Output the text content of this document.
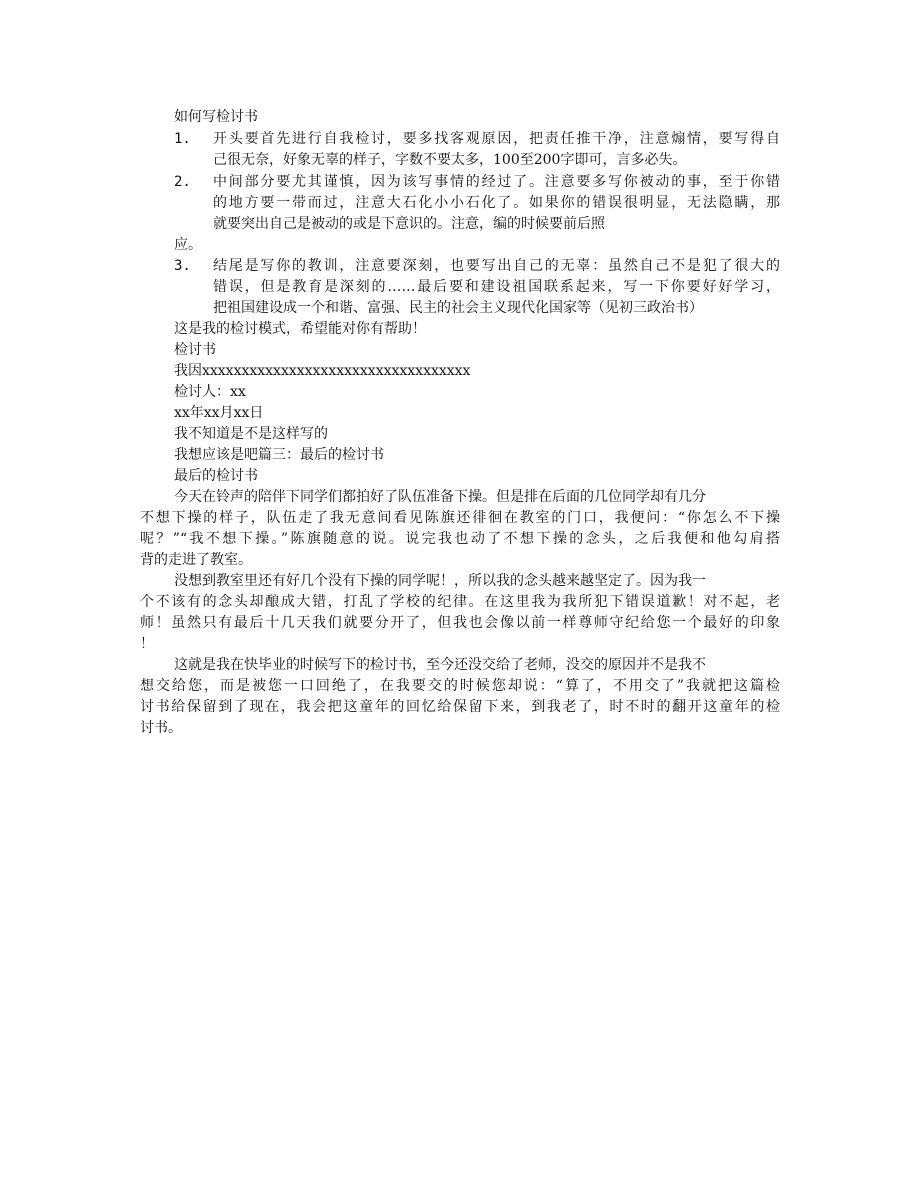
如何写检讨书
1. 开头要首先进行自我检讨，要多找客观原因，把责任推干净，注意煽情，要写得自
己很无奈，好象无辜的样子，字数不要太多，100至200字即可，言多必失。
2. 中间部分要尤其谨慎，因为该写事情的经过了。注意要多写你被动的事，至于你错
的地方要一带而过，注意大石化小小石化了。如果你的错误很明显，无法隐瞒，那
就要突出自己是被动的或是下意识的。注意，编的时候要前后照
应。
3. 结尾是写你的教训，注意要深刻，也要写出自己的无辜：虽然自己不是犯了很大的
错误，但是教育是深刻的……最后要和建设祖国联系起来，写一下你要好好学习，
把祖国建设成一个和谐、富强、民主的社会主义现代化国家等（见初三政治书）
这是我的检讨模式，希望能对你有帮助！
检讨书
我因xxxxxxxxxxxxxxxxxxxxxxxxxxxxxxxxxx
检讨人：xx
xx年xx月xx日
我不知道是不是这样写的
我想应该是吧篇三：最后的检讨书
最后的检讨书
今天在铃声的陪伴下同学们都拍好了队伍准备下操。但是排在后面的几位同学却有几分
不想下操的样子，队伍走了我无意间看见陈旗还徘徊在教室的门口，我便问：“你怎么不下操
呢？”“我不想下操。”陈旗随意的说。说完我也动了不想下操的念头，之后我便和他勾肩搭
背的走进了教室。
没想到教室里还有好几个没有下操的同学呢！，所以我的念头越来越坚定了。因为我一
个不该有的念头却酿成大错，打乱了学校的纪律。在这里我为我所犯下错误道歉！对不起，老
师！虽然只有最后十几天我们就要分开了，但我也会像以前一样尊师守纪给您一个最好的印象
！
这就是我在快毕业的时候写下的检讨书，至今还没交给了老师，没交的原因并不是我不
想交给您，而是被您一口回绝了，在我要交的时候您却说：“算了，不用交了”我就把这篇检
讨书给保留到了现在，我会把这童年的回忆给保留下来，到我老了，时不时的翻开这童年的检
讨书。
